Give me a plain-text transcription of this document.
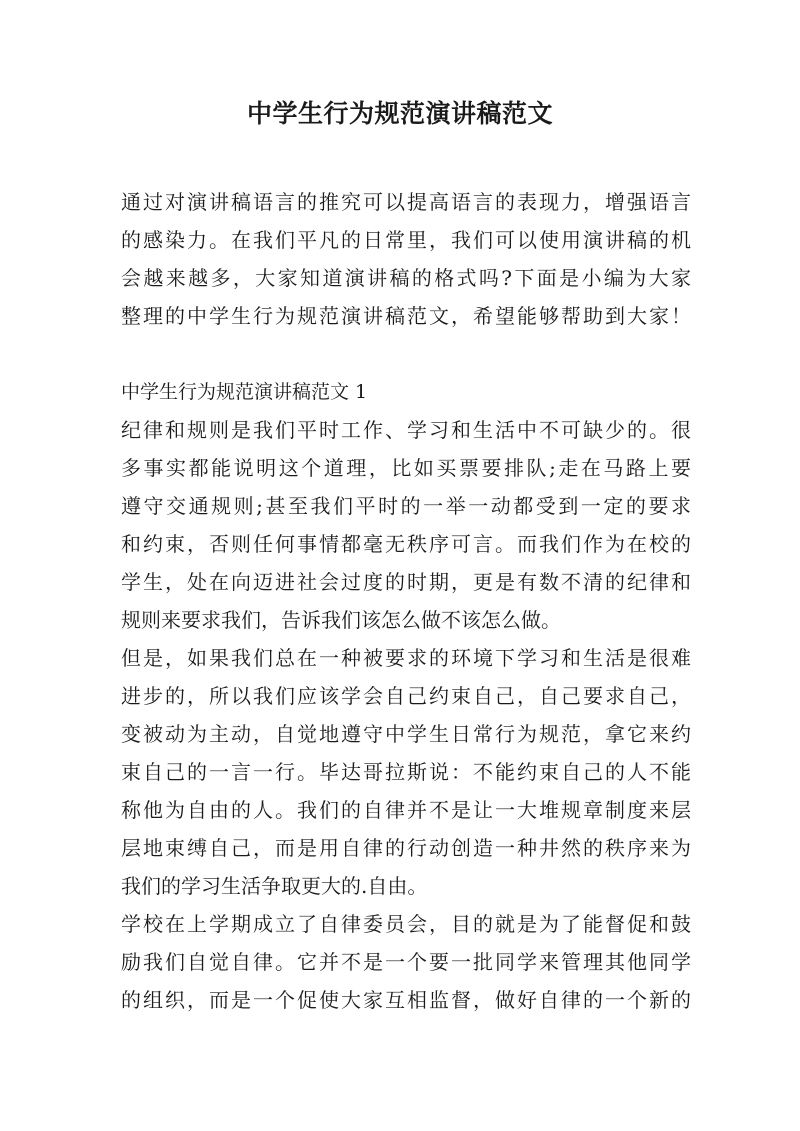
中学生行为规范演讲稿范文
通过对演讲稿语言的推究可以提高语言的表现力，增强语言
的感染力。在我们平凡的日常里，我们可以使用演讲稿的机
会越来越多，大家知道演讲稿的格式吗?下面是小编为大家
整理的中学生行为规范演讲稿范文，希望能够帮助到大家！
中学生行为规范演讲稿范文 1
纪律和规则是我们平时工作、学习和生活中不可缺少的。很
多事实都能说明这个道理，比如买票要排队;走在马路上要
遵守交通规则;甚至我们平时的一举一动都受到一定的要求
和约束，否则任何事情都毫无秩序可言。而我们作为在校的
学生，处在向迈进社会过度的时期，更是有数不清的纪律和
规则来要求我们，告诉我们该怎么做不该怎么做。
但是，如果我们总在一种被要求的环境下学习和生活是很难
进步的，所以我们应该学会自己约束自己，自己要求自己，
变被动为主动，自觉地遵守中学生日常行为规范，拿它来约
束自己的一言一行。毕达哥拉斯说：不能约束自己的人不能
称他为自由的人。我们的自律并不是让一大堆规章制度来层
层地束缚自己，而是用自律的行动创造一种井然的秩序来为
我们的学习生活争取更大的.自由。
学校在上学期成立了自律委员会，目的就是为了能督促和鼓
励我们自觉自律。它并不是一个要一批同学来管理其他同学
的组织，而是一个促使大家互相监督，做好自律的一个新的
